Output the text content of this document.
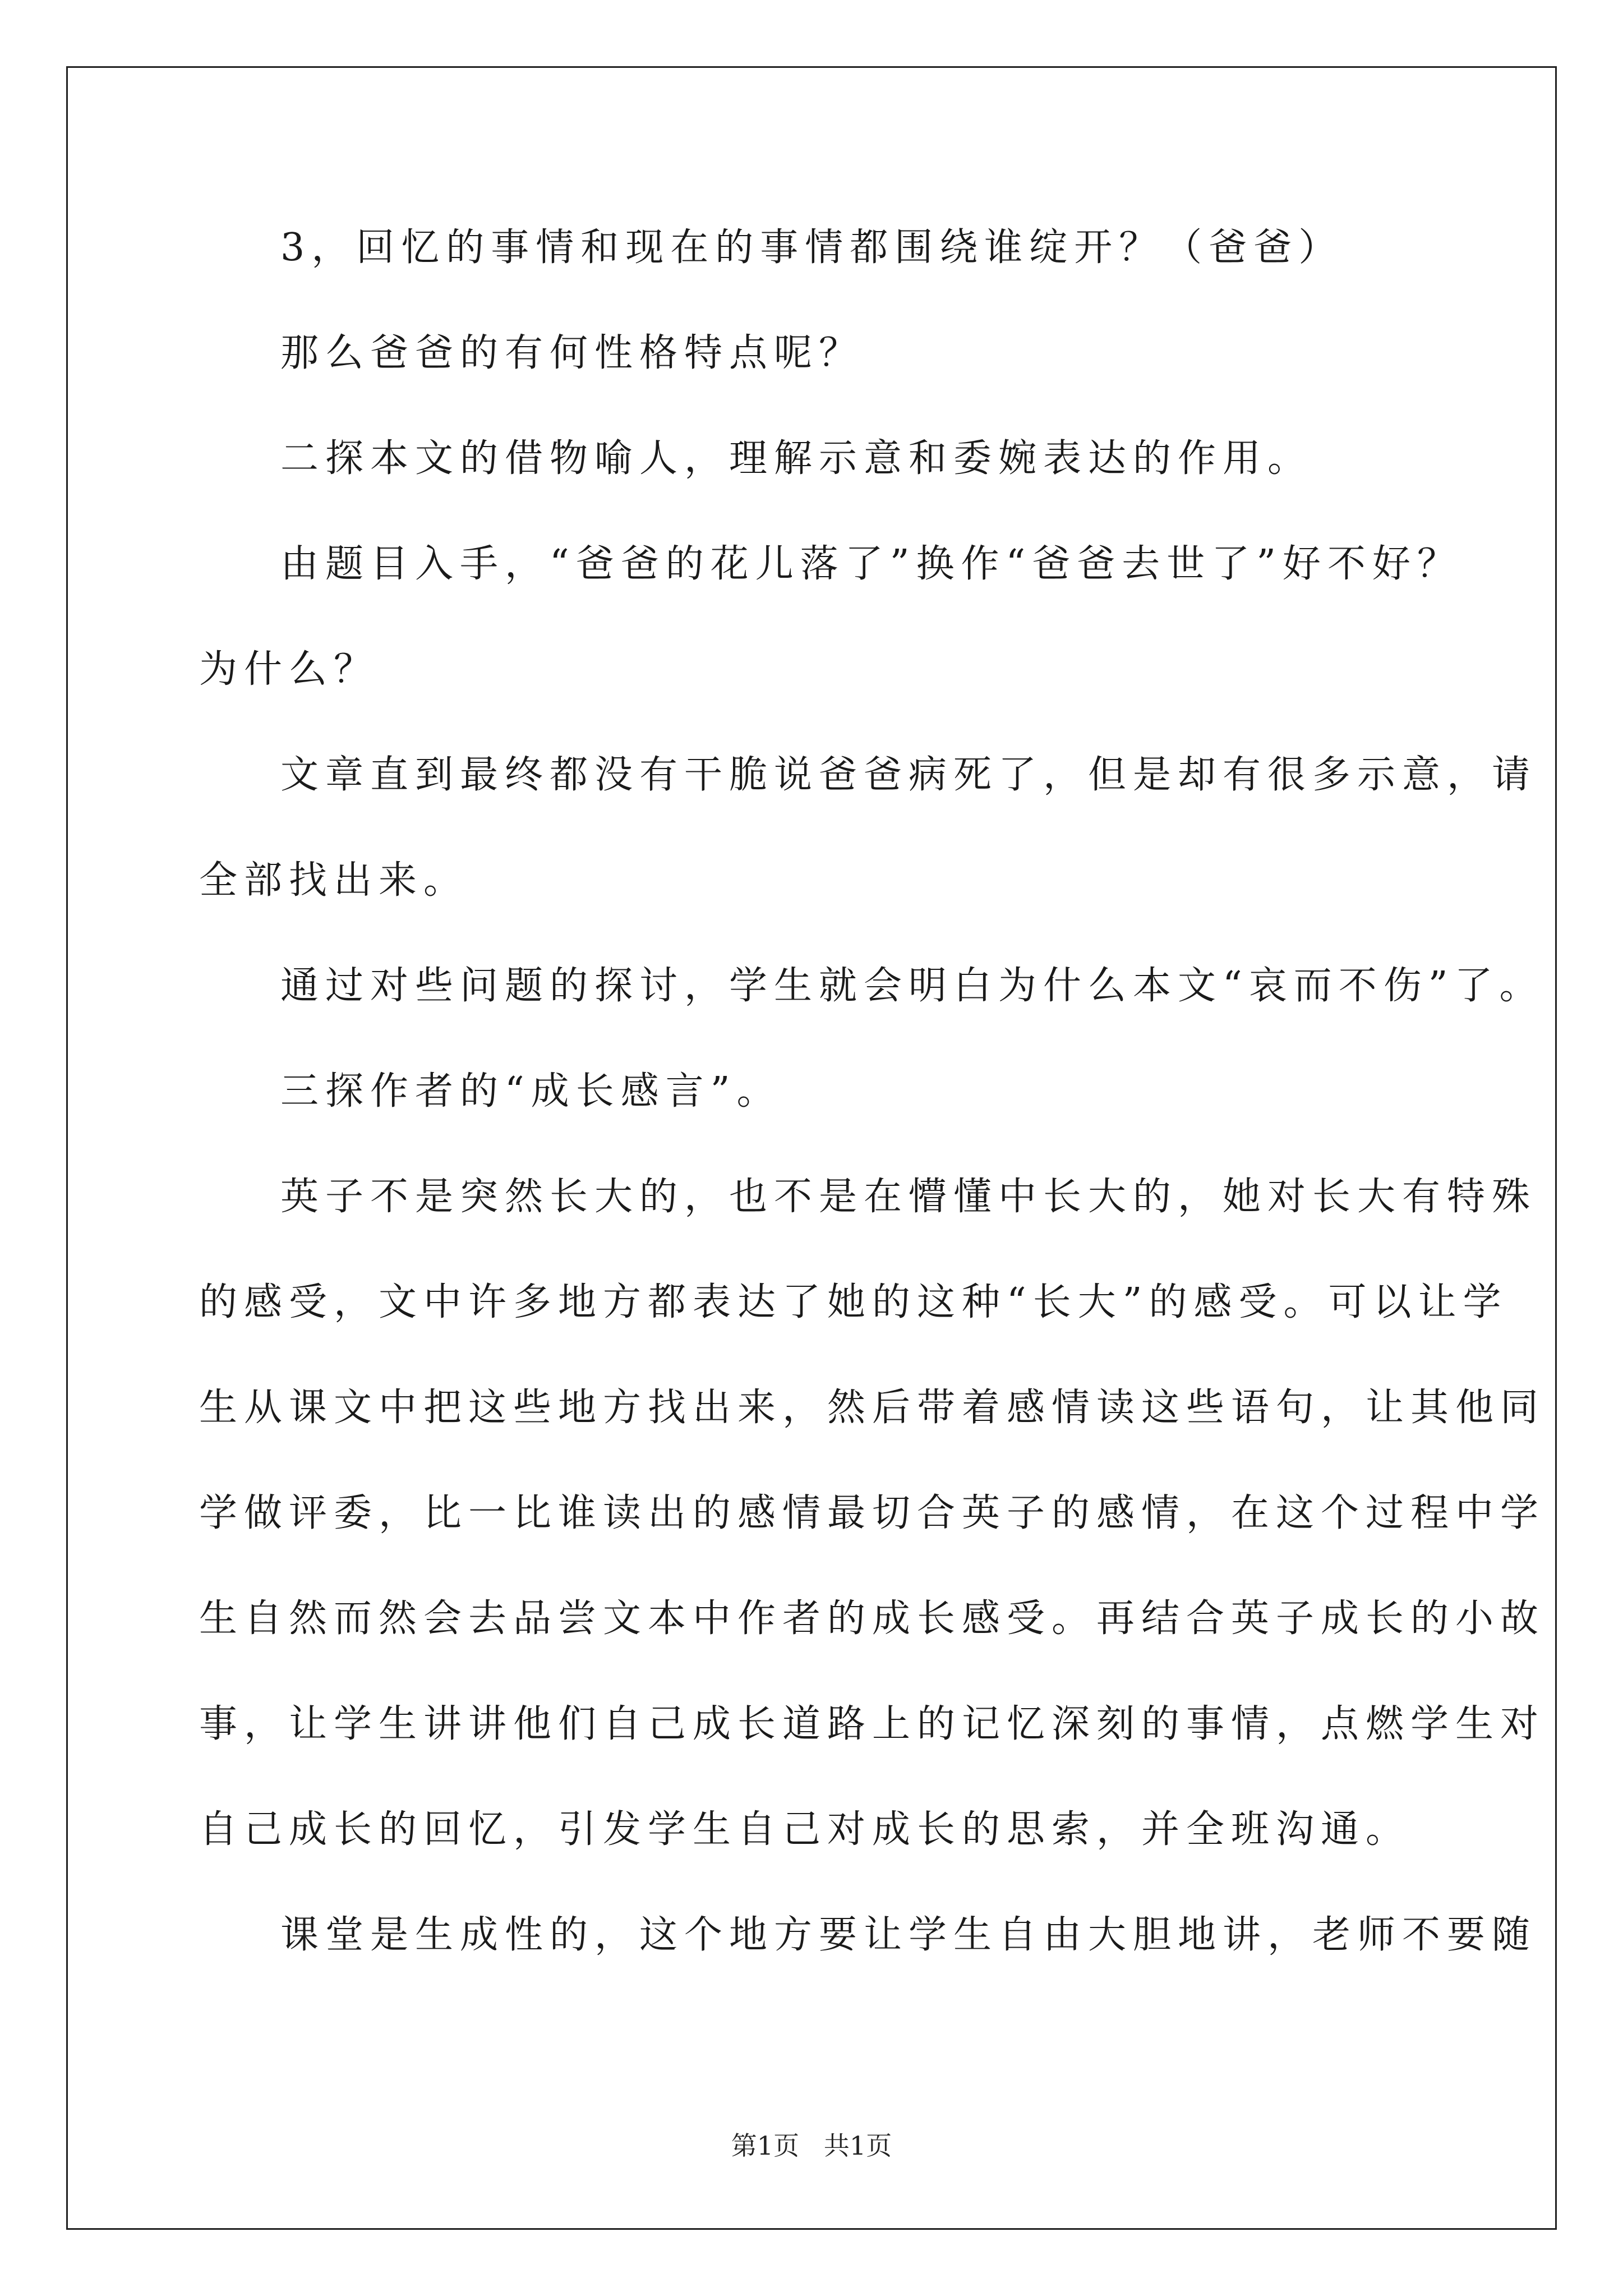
3，回忆的事情和现在的事情都围绕谁绽开？（爸爸）
那么爸爸的有何性格特点呢？
二探本文的借物喻人，理解示意和委婉表达的作用。
由题目入手，“爸爸的花儿落了”换作“爸爸去世了”好不好？
为什么？
文章直到最终都没有干脆说爸爸病死了，但是却有很多示意，请
全部找出来。
通过对些问题的探讨，学生就会明白为什么本文“哀而不伤”了。
三探作者的“成长感言”。
英子不是突然长大的，也不是在懵懂中长大的，她对长大有特殊
的感受，文中许多地方都表达了她的这种“长大”的感受。可以让学
生从课文中把这些地方找出来，然后带着感情读这些语句，让其他同
学做评委，比一比谁读出的感情最切合英子的感情，在这个过程中学
生自然而然会去品尝文本中作者的成长感受。再结合英子成长的小故
事，让学生讲讲他们自己成长道路上的记忆深刻的事情，点燃学生对
自己成长的回忆，引发学生自己对成长的思索，并全班沟通。
课堂是生成性的，这个地方要让学生自由大胆地讲，老师不要随
第1页   共1页
